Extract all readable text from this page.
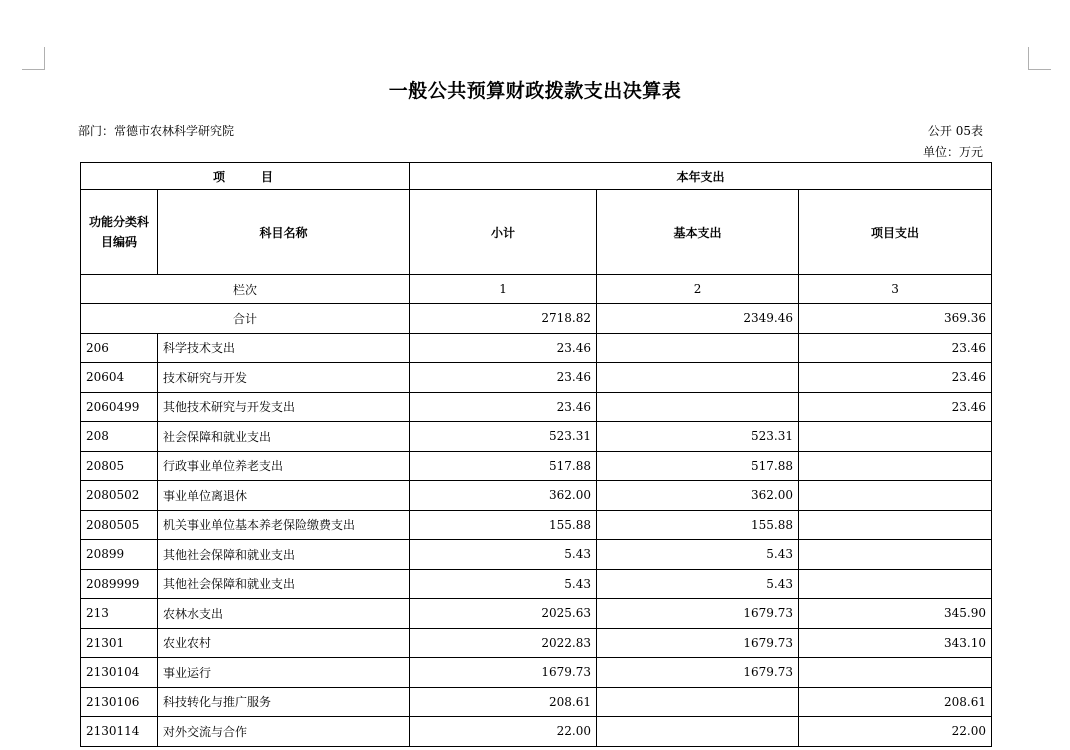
一般公共预算财政拨款支出决算表
部门：常德市农林科学研究院	公开 05表
单位：万元
项　　目		本年支出		
功能分类科目编码	科目名称	小计	基本支出	项目支出
栏次		1	2	3
合计		2718.82	2349.46	369.36
206	科学技术支出	23.46		23.46
20604	技术研究与开发	23.46		23.46
2060499	其他技术研究与开发支出	23.46		23.46
208	社会保障和就业支出	523.31	523.31	
20805	行政事业单位养老支出	517.88	517.88	
2080502	事业单位离退休	362.00	362.00	
2080505	机关事业单位基本养老保险缴费支出	155.88	155.88	
20899	其他社会保障和就业支出	5.43	5.43	
2089999	其他社会保障和就业支出	5.43	5.43	
213	农林水支出	2025.63	1679.73	345.90
21301	农业农村	2022.83	1679.73	343.10
2130104	事业运行	1679.73	1679.73	
2130106	科技转化与推广服务	208.61		208.61
2130114	对外交流与合作	22.00		22.00
